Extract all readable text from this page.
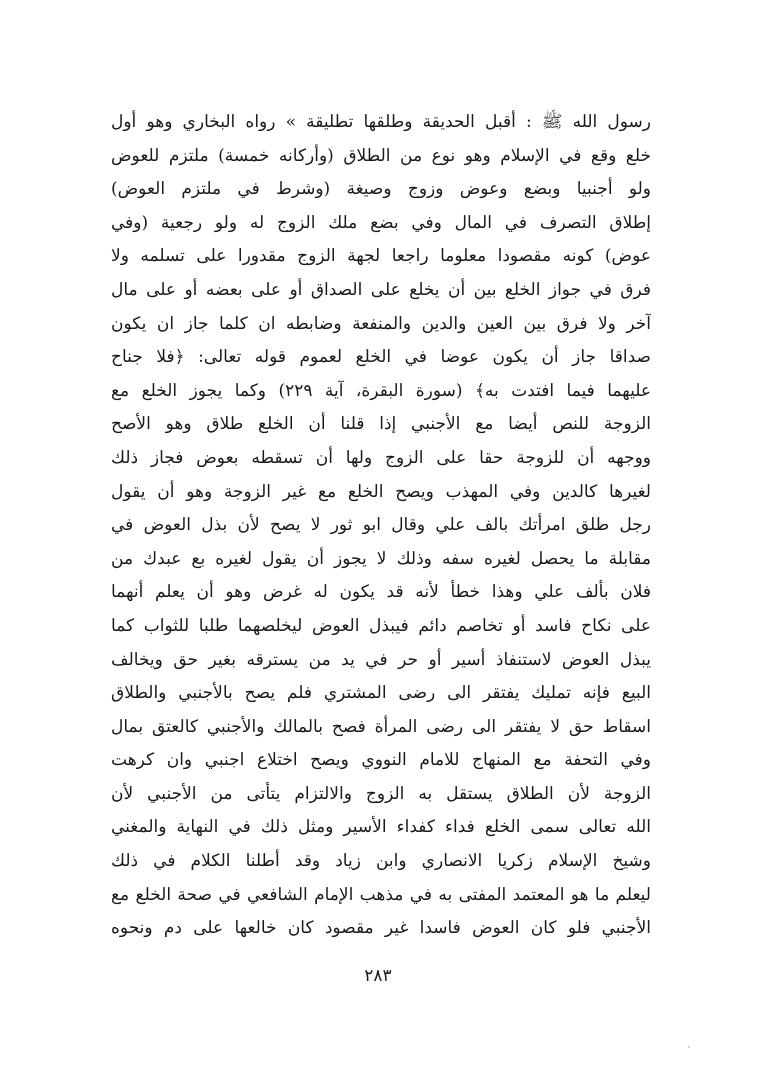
رسول الله ﷺ : أقبل الحديقة وطلقها تطليقة » رواه البخاري وهو أول
خلع وقع في الإسلام وهو نوع من الطلاق (وأركانه خمسة) ملتزم للعوض
ولو أجنبيا وبضع وعوض وزوج وصيغة (وشرط في ملتزم العوض)
إطلاق التصرف في المال وفي بضع ملك الزوج له ولو رجعية (وفي
عوض) كونه مقصودا معلوما راجعا لجهة الزوج مقدورا على تسلمه ولا
فرق في جواز الخلع بين أن يخلع على الصداق أو على بعضه أو على مال
آخر ولا فرق بين العين والدين والمنفعة وضابطه ان كلما جاز ان يكون
صداقا جاز أن يكون عوضا في الخلع لعموم قوله تعالى: ﴿فلا جناح
عليهما فيما افتدت به﴾ (سورة البقرة، آية ٢٢٩) وكما يجوز الخلع مع
الزوجة للنص أيضا مع الأجنبي إذا قلنا أن الخلع طلاق وهو الأصح
ووجهه أن للزوجة حقا على الزوج ولها أن تسقطه بعوض فجاز ذلك
لغيرها كالدين وفي المهذب ويصح الخلع مع غير الزوجة وهو أن يقول
رجل طلق امرأتك بالف علي وقال ابو ثور لا يصح لأن بذل العوض في
مقابلة ما يحصل لغيره سفه وذلك لا يجوز أن يقول لغيره بع عبدك من
فلان بألف علي وهذا خطأ لأنه قد يكون له غرض وهو أن يعلم أنهما
على نكاح فاسد أو تخاصم دائم فيبذل العوض ليخلصهما طلبا للثواب كما
يبذل العوض لاستنفاذ أسير أو حر في يد من يسترقه بغير حق ويخالف
البيع فإنه تمليك يفتقر الى رضى المشتري فلم يصح بالأجنبي والطلاق
اسقاط حق لا يفتقر الى رضى المرأة فصح بالمالك والأجنبي كالعتق بمال
وفي التحفة مع المنهاج للامام النووي ويصح اختلاع اجنبي وان كرهت
الزوجة لأن الطلاق يستقل به الزوج والالتزام يتأتى من الأجنبي لأن
الله تعالى سمى الخلع فداء كفداء الأسير ومثل ذلك في النهاية والمغني
وشيخ الإسلام زكريا الانصاري وابن زياد وقد أطلنا الكلام في ذلك
ليعلم ما هو المعتمد المفتى به في مذهب الإمام الشافعي في صحة الخلع مع
الأجنبي فلو كان العوض فاسدا غير مقصود كان خالعها على دم ونحوه
٢٨٣
